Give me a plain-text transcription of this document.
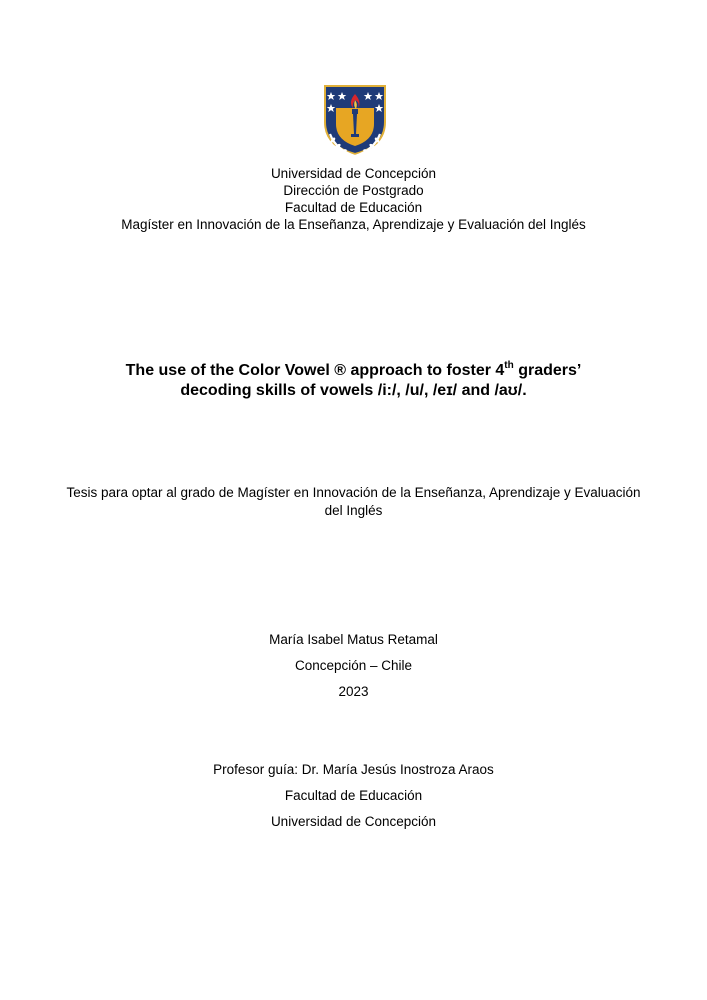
Universidad de Concepción
Dirección de Postgrado
Facultad de Educación
Magíster en Innovación de la Enseñanza, Aprendizaje y Evaluación del Inglés
The use of the Color Vowel ® approach to foster 4th graders’
decoding skills of vowels /i:/, /u/, /eɪ/ and /aʊ/.
Tesis para optar al grado de Magíster en Innovación de la Enseñanza, Aprendizaje y Evaluación del Inglés
María Isabel Matus Retamal
Concepción – Chile
2023
Profesor guía: Dr. María Jesús Inostroza Araos
Facultad de Educación
Universidad de Concepción
